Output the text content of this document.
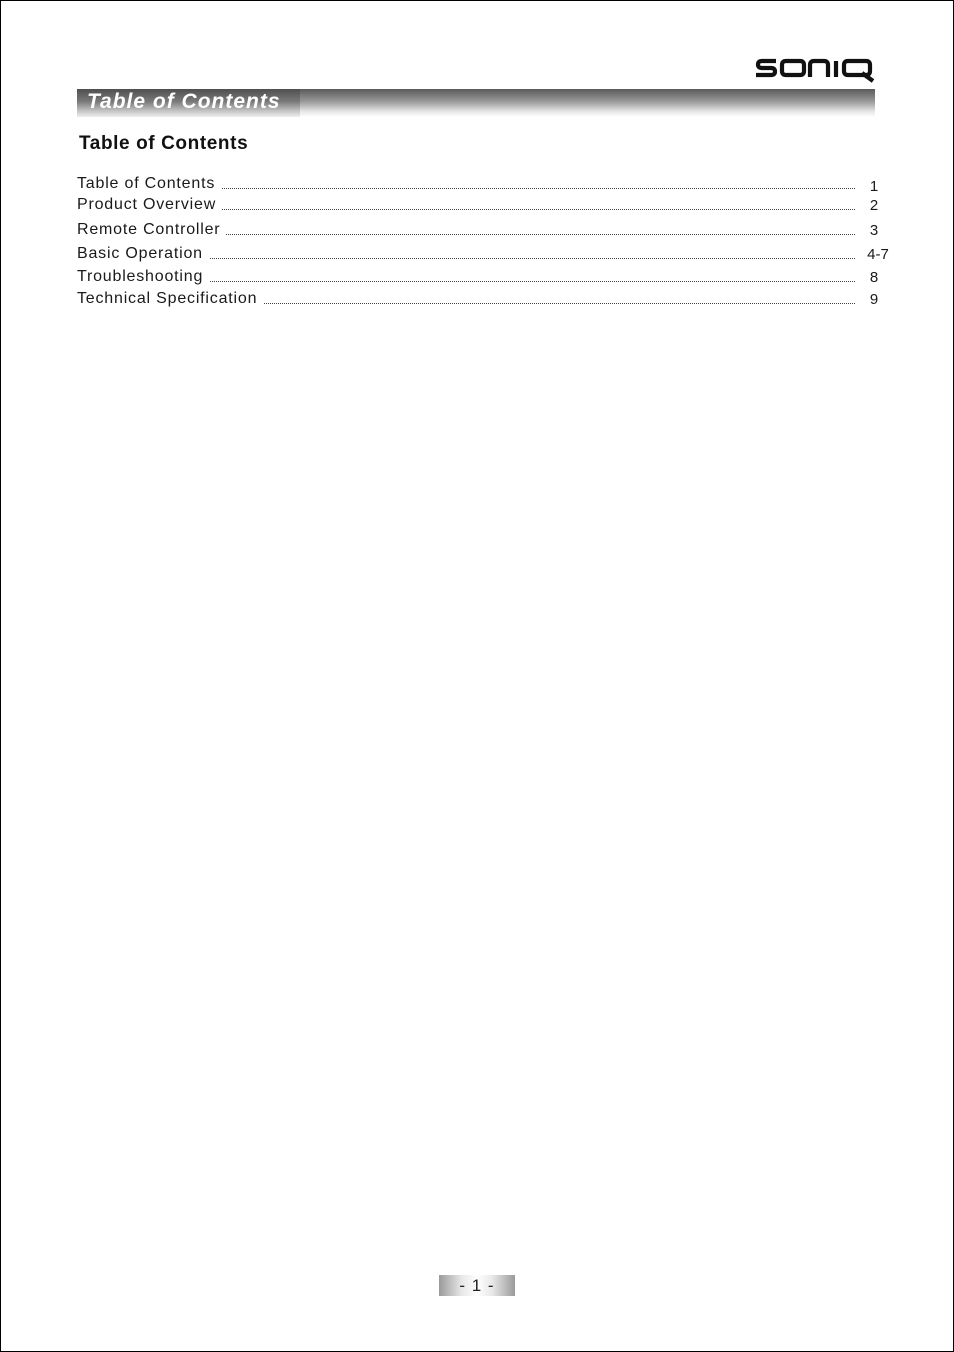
Table of Contents
Table of Contents
Table of Contents	1
Product Overview	2
Remote Controller	3
Basic Operation	4-7
Troubleshooting	8
Technical Specification	9
- 1 -
